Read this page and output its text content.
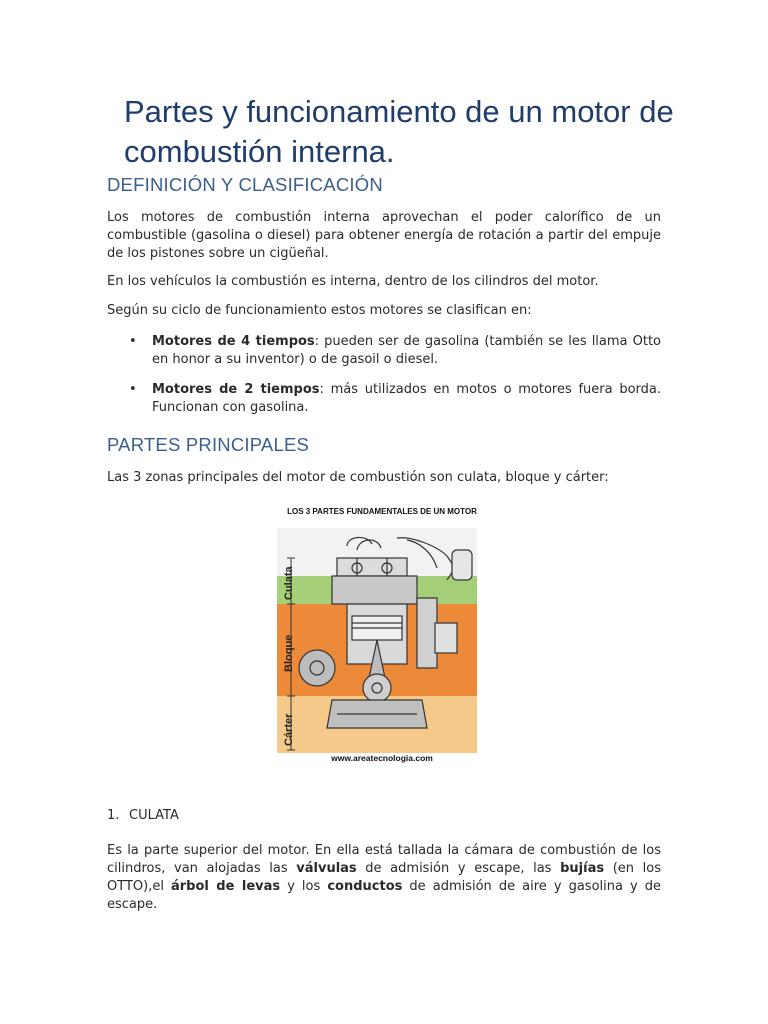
Partes y funcionamiento de un motor de combustión interna.
DEFINICIÓN Y CLASIFICACIÓN

Los motores de combustión interna aprovechan el poder calorífico de un combustible (gasolina o diesel) para obtener energía de rotación a partir del empuje de los pistones sobre un cigüeñal.

En los vehículos la combustión es interna, dentro de los cilindros del motor.

Según su ciclo de funcionamiento estos motores se clasifican en:

• Motores de 4 tiempos: pueden ser de gasolina (también se les llama Otto en honor a su inventor) o de gasoil o diesel.
• Motores de 2 tiempos: más utilizados en motos o motores fuera borda. Funcionan con gasolina.
PARTES PRINCIPALES

Las 3 zonas principales del motor de combustión son culata, bloque y cárter:

LOS 3 PARTES FUNDAMENTALES DE UN MOTOR
Culata
Bloque
Cárter
www.areatecnologia.com
1. CULATA

Es la parte superior del motor. En ella está tallada la cámara de combustión de los cilindros, van alojadas las válvulas de admisión y escape, las bujías (en los OTTO),el árbol de levas y los conductos de admisión de aire y gasolina y de escape.
